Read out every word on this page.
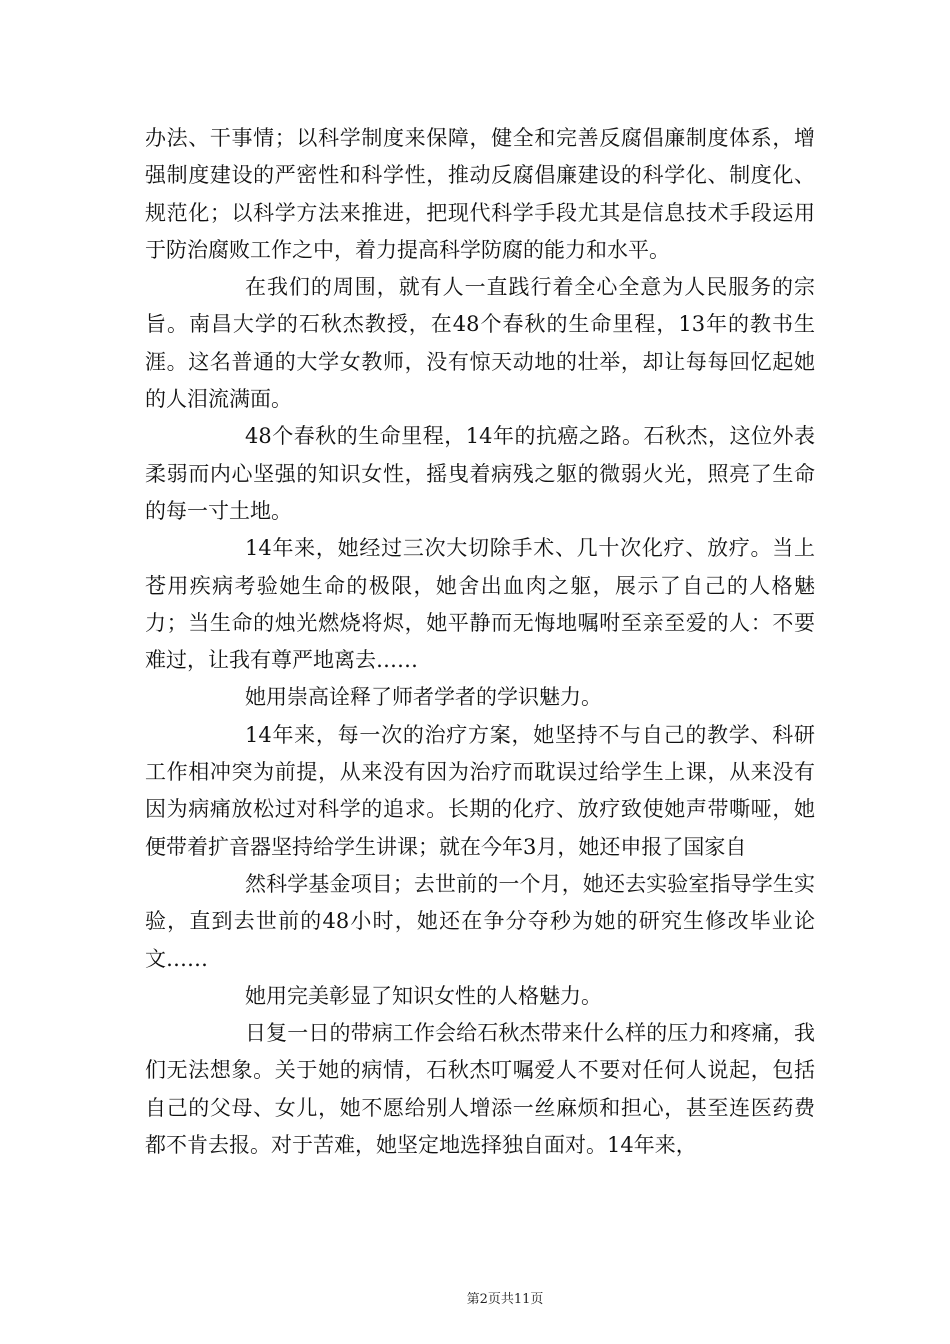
办法、干事情；以科学制度来保障，健全和完善反腐倡廉制度体系，增强制度建设的严密性和科学性，推动反腐倡廉建设的科学化、制度化、规范化；以科学方法来推进，把现代科学手段尤其是信息技术手段运用于防治腐败工作之中，着力提高科学防腐的能力和水平。

在我们的周围，就有人一直践行着全心全意为人民服务的宗旨。南昌大学的石秋杰教授，在48个春秋的生命里程，13年的教书生涯。这名普通的大学女教师，没有惊天动地的壮举，却让每每回忆起她的人泪流满面。

48个春秋的生命里程，14年的抗癌之路。石秋杰，这位外表柔弱而内心坚强的知识女性，摇曳着病残之躯的微弱火光，照亮了生命的每一寸土地。

14年来，她经过三次大切除手术、几十次化疗、放疗。当上苍用疾病考验她生命的极限，她舍出血肉之躯，展示了自己的人格魅力；当生命的烛光燃烧将烬，她平静而无悔地嘱咐至亲至爱的人：不要难过，让我有尊严地离去……

她用崇高诠释了师者学者的学识魅力。

14年来，每一次的治疗方案，她坚持不与自己的教学、科研工作相冲突为前提，从来没有因为治疗而耽误过给学生上课，从来没有因为病痛放松过对科学的追求。长期的化疗、放疗致使她声带嘶哑，她便带着扩音器坚持给学生讲课；就在今年3月，她还申报了国家自

然科学基金项目；去世前的一个月，她还去实验室指导学生实验，直到去世前的48小时，她还在争分夺秒为她的研究生修改毕业论文……

她用完美彰显了知识女性的人格魅力。

日复一日的带病工作会给石秋杰带来什么样的压力和疼痛，我们无法想象。关于她的病情，石秋杰叮嘱爱人不要对任何人说起，包括自己的父母、女儿，她不愿给别人增添一丝麻烦和担心，甚至连医药费都不肯去报。对于苦难，她坚定地选择独自面对。14年来，

第2页共11页
